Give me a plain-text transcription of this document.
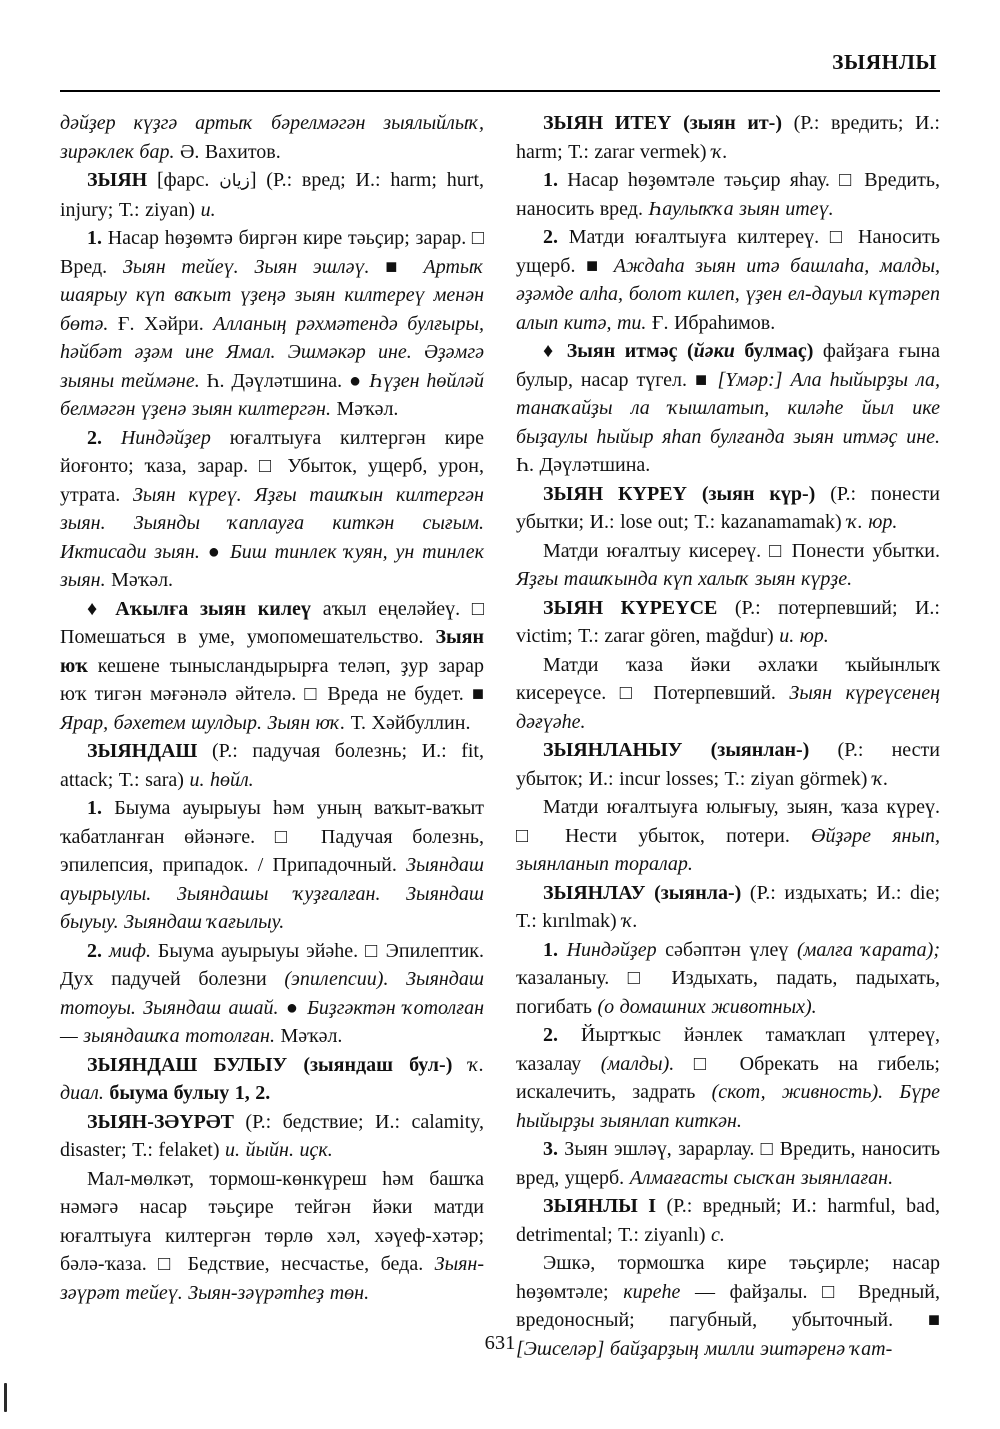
ЗЫЯНЛЫ

дәйҙер күҙгә артыҡ бәрелмәгән зыялыйлыҡ, зирәклек бар. Ә. Вахитов.

ЗЫЯН [фарс. زيان] (Р.: вред; И.: harm; hurt, injury; Т.: ziyan) и.

1. Насар һөҙөмтә биргән кире тәьҫир; зарар. □ Вред. Зыян тейеү. Зыян эшләү. ■ Артыҡ шаярыу күп ваҡыт үҙеңә зыян килтереү менән бөтә. Ғ. Хәйри. Алланың рәхмәтендә булғыры, һәйбәт әҙәм ине Ямал. Эшмәкәр ине. Әҙәмгә зыяны теймәне. Һ. Дәүләтшина. ● Һүҙен һөйләй белмәгән үҙенә зыян килтергән. Мәҡәл.

2. Ниндәйҙер юғалтыуға килтергән кире йоғонто; ҡаза, зарар. □ Убыток, ущерб, урон, утрата. Зыян күреү. Яҙғы ташҡын килтергән зыян. Зыянды ҡаплауға киткән сығым. Иктисади зыян. ● Биш тинлек ҡуян, ун тинлек зыян. Мәҡәл.

♦ Аҡылға зыян килеү аҡыл еңеләйеү. □ Помешаться в уме, умопомешательство. Зыян юҡ кешене тынысландырырға теләп, ҙур зарар юҡ тигән мәғәнәлә әйтелә. □ Вреда не будет. ■ Ярар, бәхетем шулдыр. Зыян юҡ. Т. Хәйбуллин.

ЗЫЯНДАШ (Р.: падучая болезнь; И.: fit, attack; Т.: sara) и. һөйл.

1. Быума ауырыуы һәм уның ваҡыт-ваҡыт ҡабатланған өйәнәге. □ Падучая болезнь, эпилепсия, припадок. / Припадочный. Зыяндаш ауырыулы. Зыяндашы ҡуҙғалған. Зыяндаш быуыу. Зыяндаш ҡағылыу.

2. миф. Быума ауырыуы эйәһе. □ Эпилептик. Дух падучей болезни (эпилепсии). Зыяндаш тотоуы. Зыяндаш ашай. ● Биҙгәктән ҡотолған — зыяндашҡа тотолған. Мәҡәл.

ЗЫЯНДАШ БУЛЫУ (зыяндаш бул-) ҡ. диал. быума булыу 1, 2.

ЗЫЯН-ЗӘҮРӘТ (Р.: бедствие; И.: calamity, disaster; Т.: felaket) и. йыйн. иҫк.

Мал-мөлкәт, тормош-көнкүреш һәм башҡа нәмәгә насар тәьҫире тейгән йәки матди юғалтыуға килтергән төрлө хәл, хәүеф-хәтәр; бәлә-ҡаза. □ Бедствие, несчастье, беда. Зыян-зәүрәт тейеү. Зыян-зәүрәтһеҙ төн.

ЗЫЯН ИТЕҮ (зыян ит-) (Р.: вредить; И.: harm; Т.: zarar vermek) ҡ.

1. Насар һөҙөмтәле тәьҫир яһау. □ Вредить, наносить вред. Һаулыҡҡа зыян итеү.

2. Матди юғалтыуға килтереү. □ Наносить ущерб. ■ Аждаһа зыян итә башлаһа, малды, әҙәмде алһа, болот килеп, үҙен ел-дауыл күтәреп алып китә, ти. Ғ. Ибраһимов.

♦ Зыян итмәҫ (йәки булмаҫ) файҙаға ғына булыр, насар түгел. ■ [Үмәр:] Ала һыйырҙы ла, танаҡайҙы ла ҡышлатып, киләһе йыл ике быҙаулы һыйыр яһап булғанда зыян итмәҫ ине. Һ. Дәүләтшина.

ЗЫЯН КҮРЕҮ (зыян күр-) (Р.: понести убытки; И.: lose out; Т.: kazanamamak) ҡ. юр.

Матди юғалтыу кисереү. □ Понести убытки. Яҙғы ташҡында күп халыҡ зыян күрҙе.

ЗЫЯН КҮРЕҮСЕ (Р.: потерпевший; И.: victim; Т.: zarar gören, mağdur) и. юр.

Матди ҡаза йәки әхлаҡи ҡыйынлыҡ кисереүсе. □ Потерпевший. Зыян күреүсенең дәғүәһе.

ЗЫЯНЛАНЫУ (зыянлан-) (Р.: нести убыток; И.: incur losses; Т.: ziyan görmek) ҡ.

Матди юғалтыуға юлығыу, зыян, ҡаза күреү. □ Нести убыток, потери. Өйҙәре янып, зыянланып торалар.

ЗЫЯНЛАУ (зыянла-) (Р.: издыхать; И.: die; Т.: kırılmak) ҡ.

1. Ниндәйҙер сәбәптән үлеү (малға ҡарата); ҡазаланыу. □ Издыхать, падать, падыхать, погибать (о домашних животных).

2. Йыртҡыс йәнлек тамаҡлап үлтереү, ҡазалау (малды). □ Обрекать на гибель; искалечить, задрать (скот, живность). Бүре һыйырҙы зыянлап киткән.

3. Зыян эшләү, зарарлау. □ Вредить, наносить вред, ущерб. Алмағасты сысҡан зыянлаған.

ЗЫЯНЛЫ I (Р.: вредный; И.: harmful, bad, detrimental; Т.: ziyanlı) с.

Эшкә, тормошҡа кире тәьҫирле; насар һөҙөмтәле; киреһе — файҙалы. □ Вредный, вредоносный; пагубный, убыточный. ■ [Эшселәр] байҙарҙың милли эштәренә ҡат-

631
